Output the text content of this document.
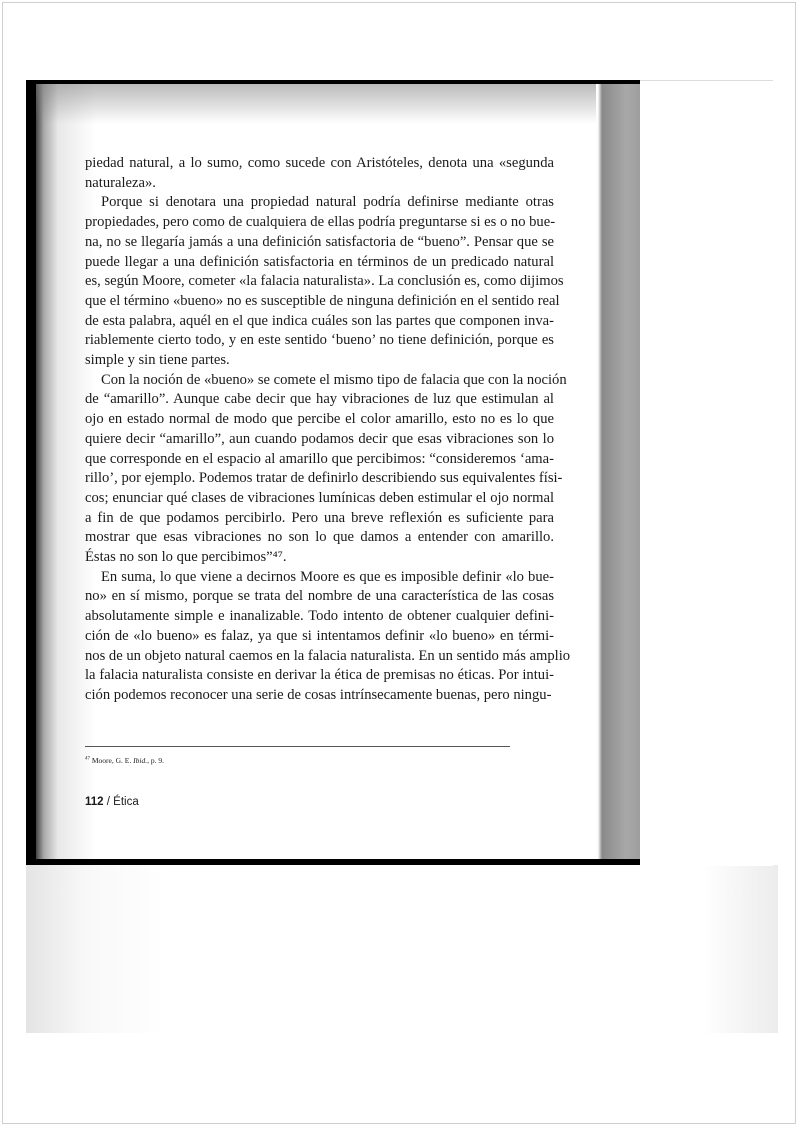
piedad natural, a lo sumo, como sucede con Aristóteles, denota una «segunda
naturaleza».
Porque si denotara una propiedad natural podría definirse mediante otras
propiedades, pero como de cualquiera de ellas podría preguntarse si es o no bue-
na, no se llegaría jamás a una definición satisfactoria de “bueno”. Pensar que se
puede llegar a una definición satisfactoria en términos de un predicado natural
es, según Moore, cometer «la falacia naturalista». La conclusión es, como dijimos
que el término «bueno» no es susceptible de ninguna definición en el sentido real
de esta palabra, aquél en el que indica cuáles son las partes que componen inva-
riablemente cierto todo, y en este sentido ‘bueno’ no tiene definición, porque es
simple y sin tiene partes.
Con la noción de «bueno» se comete el mismo tipo de falacia que con la noción
de “amarillo”. Aunque cabe decir que hay vibraciones de luz que estimulan al
ojo en estado normal de modo que percibe el color amarillo, esto no es lo que
quiere decir “amarillo”, aun cuando podamos decir que esas vibraciones son lo
que corresponde en el espacio al amarillo que percibimos: “consideremos ‘ama-
rillo’, por ejemplo. Podemos tratar de definirlo describiendo sus equivalentes físi-
cos; enunciar qué clases de vibraciones lumínicas deben estimular el ojo normal
a fin de que podamos percibirlo. Pero una breve reflexión es suficiente para
mostrar que esas vibraciones no son lo que damos a entender con amarillo.
Éstas no son lo que percibimos”⁴⁷.
En suma, lo que viene a decirnos Moore es que es imposible definir «lo bue-
no» en sí mismo, porque se trata del nombre de una característica de las cosas
absolutamente simple e inanalizable. Todo intento de obtener cualquier defini-
ción de «lo bueno» es falaz, ya que si intentamos definir «lo bueno» en térmi-
nos de un objeto natural caemos en la falacia naturalista. En un sentido más amplio
la falacia naturalista consiste en derivar la ética de premisas no éticas. Por intui-
ción podemos reconocer una serie de cosas intrínsecamente buenas, pero ningu-
$^{47}$ Moore, G. E. Ibid., p. 9.
112 / Ética
